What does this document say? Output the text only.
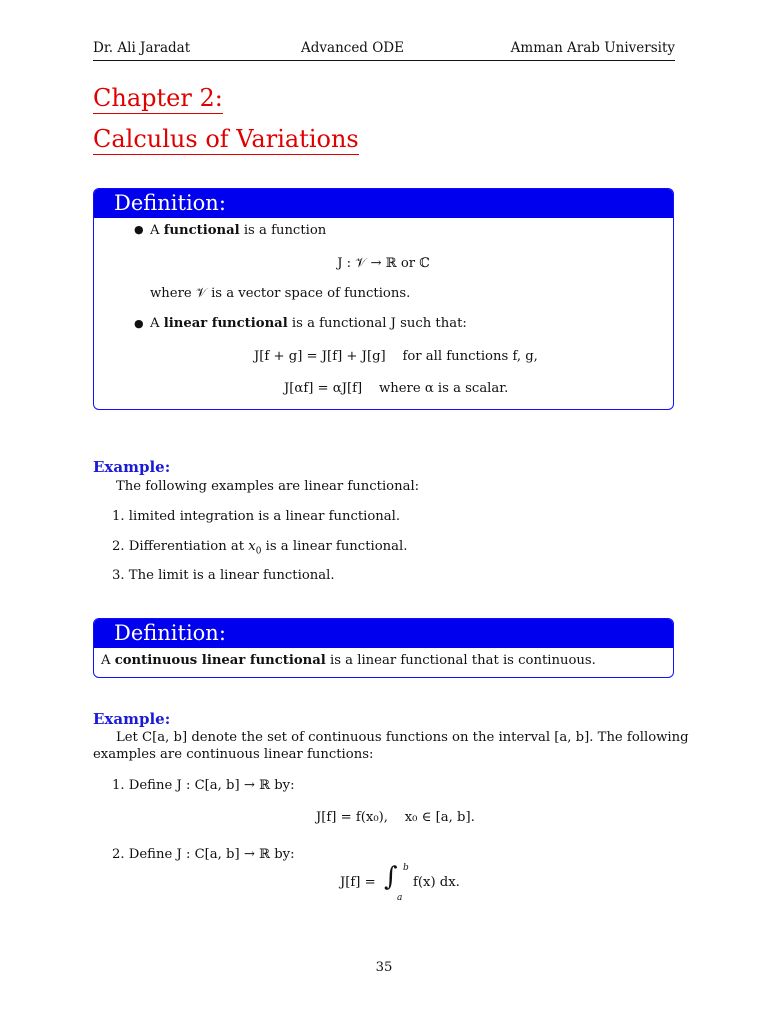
Dr. Ali Jaradat	Advanced ODE	Amman Arab University
Chapter 2:
Calculus of Variations
Definition:
● A functional is a function
J : 𝒱 → ℝ or ℂ
where 𝒱 is a vector space of functions.
● A linear functional is a functional J such that:
J[f + g] = J[f] + J[g] for all functions f, g,
J[αf] = αJ[f] where α is a scalar.
Example:
The following examples are linear functional:
1. limited integration is a linear functional.
2. Differentiation at $x_0$ is a linear functional.
3. The limit is a linear functional.
Definition:
A continuous linear functional is a linear functional that is continuous.
Example:
Let C[a, b] denote the set of continuous functions on the interval [a, b]. The following
examples are continuous linear functions:
1. Define J : C[a, b] → ℝ by:
J[f] = f(x₀),    x₀ ∈ [a, b].
2. Define J : C[a, b] → ℝ by:
J[f] = ∫ b
a
f(x) dx.
35
